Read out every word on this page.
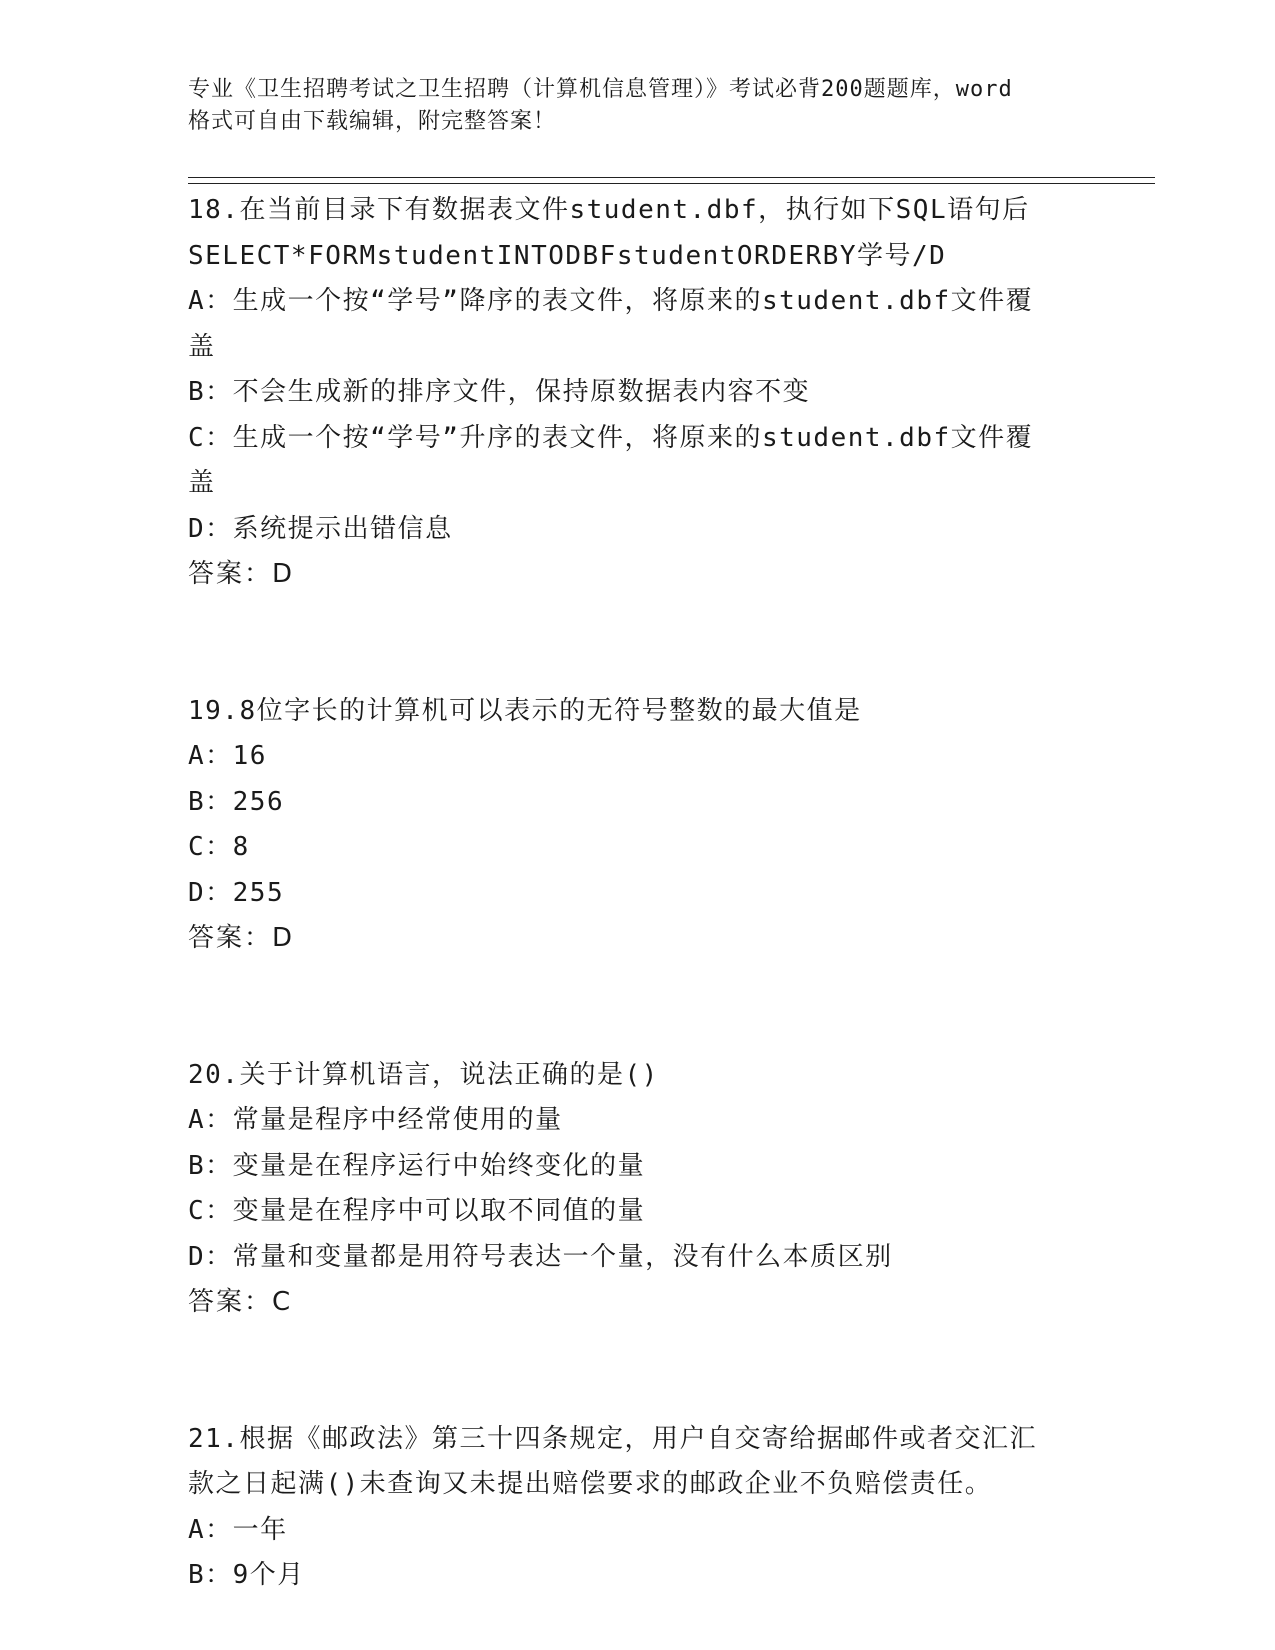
专业《卫生招聘考试之卫生招聘（计算机信息管理）》考试必背200题题库，word
格式可自由下载编辑，附完整答案！
18.在当前目录下有数据表文件student.dbf，执行如下SQL语句后
SELECT*FORMstudentINTODBFstudentORDERBY学号/D
A：生成一个按“学号”降序的表文件，将原来的student.dbf文件覆
盖
B：不会生成新的排序文件，保持原数据表内容不变
C：生成一个按“学号”升序的表文件，将原来的student.dbf文件覆
盖
D：系统提示出错信息
答案：D
19.8位字长的计算机可以表示的无符号整数的最大值是
A：16
B：256
C：8
D：255
答案：D
20.关于计算机语言，说法正确的是()
A：常量是程序中经常使用的量
B：变量是在程序运行中始终变化的量
C：变量是在程序中可以取不同值的量
D：常量和变量都是用符号表达一个量，没有什么本质区别
答案：C
21.根据《邮政法》第三十四条规定，用户自交寄给据邮件或者交汇汇
款之日起满()未查询又未提出赔偿要求的邮政企业不负赔偿责任。
A：一年
B：9个月
